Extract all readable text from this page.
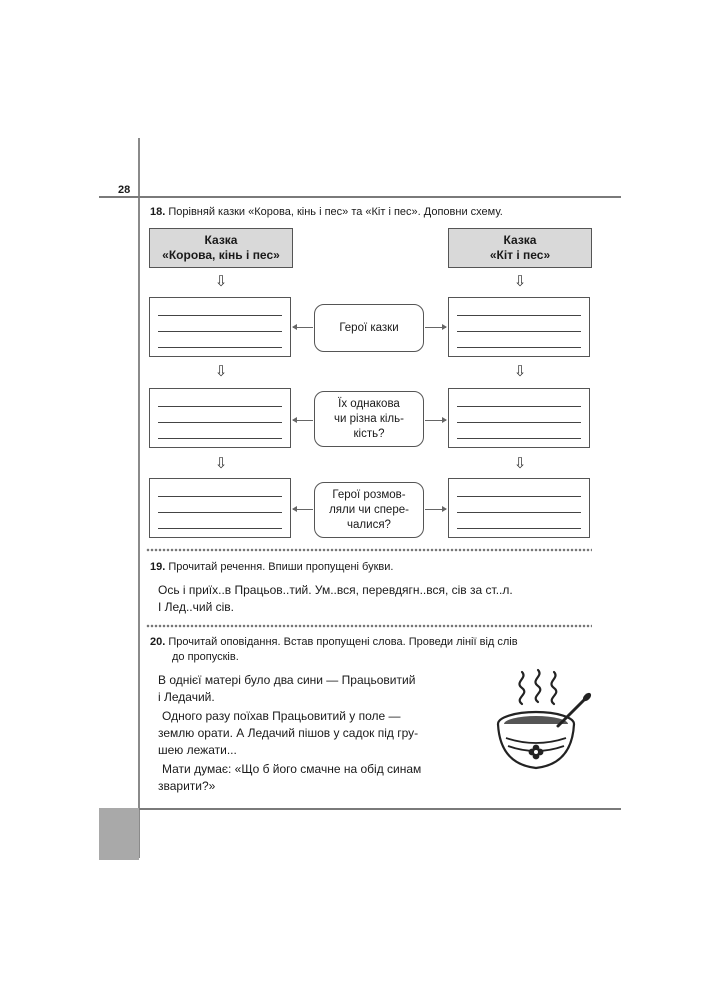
28
18. Порівняй казки «Корова, кінь і пес» та «Кіт і пес». Доповни схему.
Казка
«Корова, кінь і пес»
Казка
«Кіт і пес»
⇩	⇩
⇩	⇩
⇩	⇩
Герої казки
Їх однакова
чи різна кіль-
кість?
Герої розмов-
ляли чи спере-
чалися?
19. Прочитай речення. Впиши пропущені букви.
Ось і приїх..в Працьов..тий. Ум..вся, перевдягн..вся, сів за ст..л.
І Лед..чий сів.
20. Прочитай оповідання. Встав пропущені слова. Проведи лінії від слів
до пропусків.
В однієї матері було два сини — Працьовитий
і Ледачий.
Одного разу поїхав Працьовитий у поле —
землю орати. А Ледачий пішов у садок під гру-
шею лежати...
Мати думає: «Що б його смачне на обід синам
зварити?»
